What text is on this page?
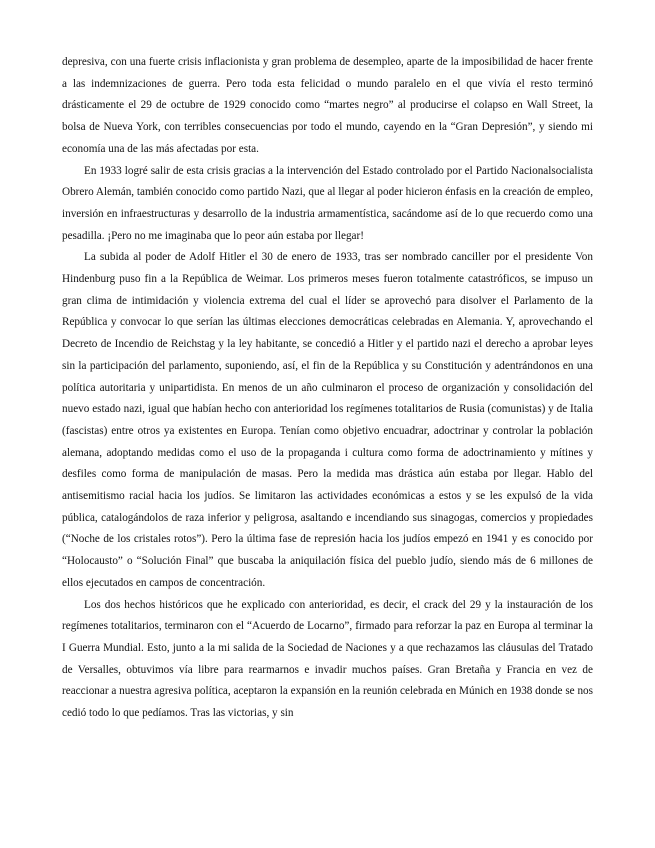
depresiva, con una fuerte crisis inflacionista y gran problema de desempleo, aparte de la imposibilidad de hacer frente a las indemnizaciones de guerra. Pero toda esta felicidad o mundo paralelo en el que vivía el resto terminó drásticamente el 29 de octubre de 1929 conocido como “martes negro” al producirse el colapso en Wall Street, la bolsa de Nueva York, con terribles consecuencias por todo el mundo, cayendo en la “Gran Depresión”, y siendo mi economía una de las más afectadas por esta.

En 1933 logré salir de esta crisis gracias a la intervención del Estado controlado por el Partido Nacionalsocialista Obrero Alemán, también conocido como partido Nazi, que al llegar al poder hicieron énfasis en la creación de empleo, inversión en infraestructuras y desarrollo de la industria armamentística, sacándome así de lo que recuerdo como una pesadilla. ¡Pero no me imaginaba que lo peor aún estaba por llegar!

La subida al poder de Adolf Hitler el 30 de enero de 1933, tras ser nombrado canciller por el presidente Von Hindenburg puso fin a la República de Weimar. Los primeros meses fueron totalmente catastróficos, se impuso un gran clima de intimidación y violencia extrema del cual el líder se aprovechó para disolver el Parlamento de la República y convocar lo que serían las últimas elecciones democráticas celebradas en Alemania. Y, aprovechando el Decreto de Incendio de Reichstag y la ley habitante, se concedió a Hitler y el partido nazi el derecho a aprobar leyes sin la participación del parlamento, suponiendo, así, el fin de la República y su Constitución y adentrándonos en una política autoritaria y unipartidista. En menos de un año culminaron el proceso de organización y consolidación del nuevo estado nazi, igual que habían hecho con anterioridad los regímenes totalitarios de Rusia (comunistas) y de Italia (fascistas) entre otros ya existentes en Europa. Tenían como objetivo encuadrar, adoctrinar y controlar la población alemana, adoptando medidas como el uso de la propaganda i cultura como forma de adoctrinamiento y mítines y desfiles como forma de manipulación de masas. Pero la medida mas drástica aún estaba por llegar. Hablo del antisemitismo racial hacia los judíos. Se limitaron las actividades económicas a estos y se les expulsó de la vida pública, catalogándolos de raza inferior y peligrosa, asaltando e incendiando sus sinagogas, comercios y propiedades (“Noche de los cristales rotos”). Pero la última fase de represión hacia los judíos empezó en 1941 y es conocido por “Holocausto” o “Solución Final” que buscaba la aniquilación física del pueblo judío, siendo más de 6 millones de ellos ejecutados en campos de concentración.

Los dos hechos históricos que he explicado con anterioridad, es decir, el crack del 29 y la instauración de los regímenes totalitarios, terminaron con el “Acuerdo de Locarno”, firmado para reforzar la paz en Europa al terminar la I Guerra Mundial. Esto, junto a la mi salida de la Sociedad de Naciones y a que rechazamos las cláusulas del Tratado de Versalles, obtuvimos vía libre para rearmarnos e invadir muchos países. Gran Bretaña y Francia en vez de reaccionar a nuestra agresiva política, aceptaron la expansión en la reunión celebrada en Múnich en 1938 donde se nos cedió todo lo que pedíamos. Tras las victorias, y sin
